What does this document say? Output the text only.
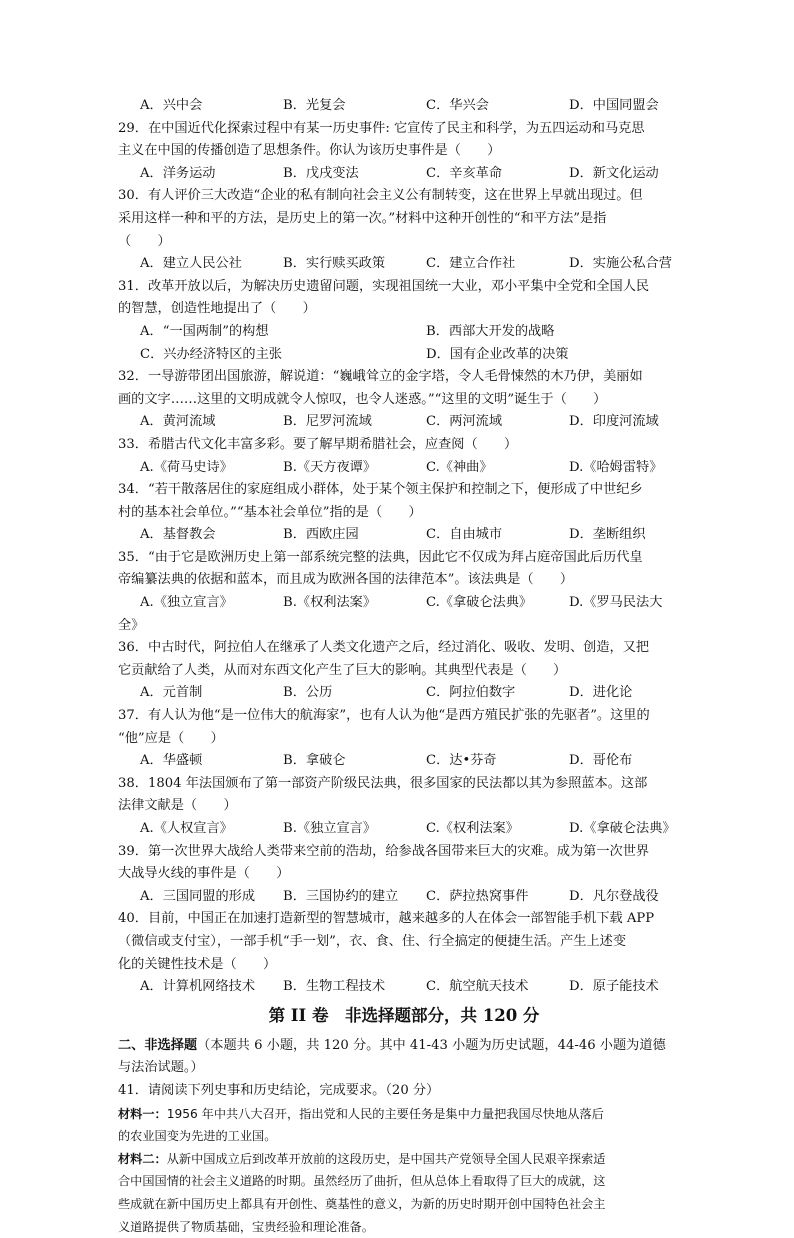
A．兴中会	B．光复会	C．华兴会	D．中国同盟会
29．在中国近代化探索过程中有某一历史事件: 它宣传了民主和科学，为五四运动和马克思
主义在中国的传播创造了思想条件。你认为该历史事件是（　　）
A．洋务运动	B．戊戌变法	C．辛亥革命	D．新文化运动
30．有人评价三大改造“企业的私有制向社会主义公有制转变，这在世界上早就出现过。但
采用这样一种和平的方法，是历史上的第一次。”材料中这种开创性的“和平方法”是指
（　　）
A．建立人民公社	B．实行赎买政策	C．建立合作社	D．实施公私合营
31．改革开放以后，为解决历史遗留问题，实现祖国统一大业，邓小平集中全党和全国人民
的智慧，创造性地提出了（　　）
A．“一国两制”的构想	B．西部大开发的战略
C．兴办经济特区的主张	D．国有企业改革的决策
32．一导游带团出国旅游，解说道：“巍峨耸立的金字塔，令人毛骨悚然的木乃伊，美丽如
画的文字……这里的文明成就令人惊叹，也令人迷惑。”“这里的文明”诞生于（　　）
A．黄河流域	B．尼罗河流域	C．两河流域	D．印度河流域
33．希腊古代文化丰富多彩。要了解早期希腊社会，应查阅（　　）
A.《荷马史诗》	B.《天方夜谭》	C.《神曲》	D.《哈姆雷特》
34．“若干散落居住的家庭组成小群体，处于某个领主保护和控制之下，便形成了中世纪乡
村的基本社会单位。”“基本社会单位”指的是（　　）
A．基督教会	B．西欧庄园	C．自由城市	D．垄断组织
35．“由于它是欧洲历史上第一部系统完整的法典，因此它不仅成为拜占庭帝国此后历代皇
帝编纂法典的依据和蓝本，而且成为欧洲各国的法律范本”。该法典是（　　）
A.《独立宣言》	B.《权利法案》	C.《拿破仑法典》	D.《罗马民法大
全》
36．中古时代，阿拉伯人在继承了人类文化遗产之后，经过消化、吸收、发明、创造，又把
它贡献给了人类，从而对东西文化产生了巨大的影响。其典型代表是（　　）
A．元首制	B．公历	C．阿拉伯数字	D．进化论
37．有人认为他“是一位伟大的航海家”，也有人认为他“是西方殖民扩张的先驱者”。这里的
“他”应是（　　）
A．华盛顿	B．拿破仑	C．达•芬奇	D．哥伦布
38．1804 年法国颁布了第一部资产阶级民法典，很多国家的民法都以其为参照蓝本。这部
法律文献是（　　）
A.《人权宣言》	B.《独立宣言》	C.《权利法案》	D.《拿破仑法典》
39．第一次世界大战给人类带来空前的浩劫，给参战各国带来巨大的灾难。成为第一次世界
大战导火线的事件是（　　）
A．三国同盟的形成	B．三国协约的建立	C．萨拉热窝事件	D．凡尔登战役
40．目前，中国正在加速打造新型的智慧城市，越来越多的人在体会一部智能手机下载 APP
（微信或支付宝），一部手机“手一划”，衣、食、住、行全搞定的便捷生活。产生上述变
化的关键性技术是（　　）
A．计算机网络技术	B．生物工程技术	C．航空航天技术	D．原子能技术
第 II 卷　非选择题部分，共 120 分
二、非选择题（本题共 6 小题，共 120 分。其中 41-43 小题为历史试题，44-46 小题为道德
与法治试题。）
41．请阅读下列史事和历史结论，完成要求。（20 分）
材料一：1956 年中共八大召开，指出党和人民的主要任务是集中力量把我国尽快地从落后
的农业国变为先进的工业国。
材料二：从新中国成立后到改革开放前的这段历史，是中国共产党领导全国人民艰辛探索适
合中国国情的社会主义道路的时期。虽然经历了曲折，但从总体上看取得了巨大的成就，这
些成就在新中国历史上都具有开创性、奠基性的意义，为新的历史时期开创中国特色社会主
义道路提供了物质基础，宝贵经验和理论准备。
